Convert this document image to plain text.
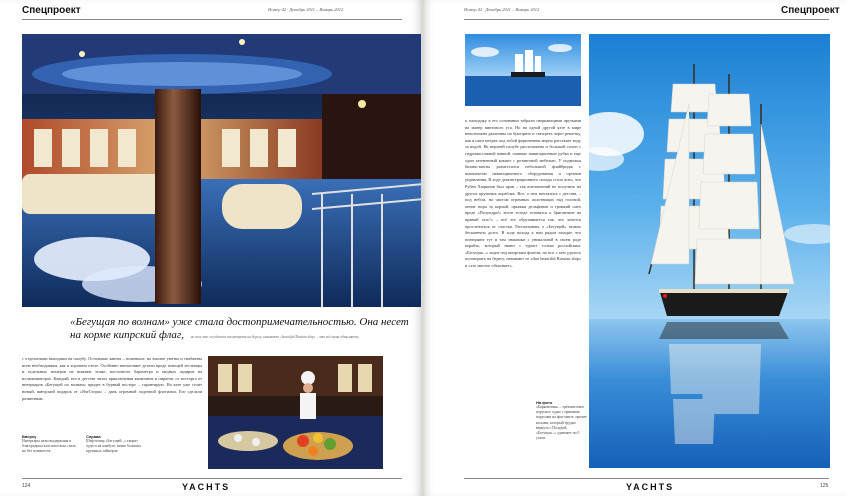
Спецпроект	Номер 42 · Декабрь 2011 – Январь 2012
«Бегущая по волнам» уже стала достопримечательностью. Она несет на корме кипрский флаг, но всех это ли удается посмотреть на берегу, называют «beautiful Russian ship» – что всё нами объясняют»
с отдельными выходами на палубу. Остальные каюты – поменьше, но вполне уютны и снабжены всем необходимым, как в хорошем отеле. Особенно впечатляют детали вроде поющей лестницы и отдельных номеров на нижнем этаже, восточного барометра и медных ладиров на иллюминаторах. Каждый, кто в детстве читал приключения капитанов и пиратов, от восторга от интерьеров «Бегущей по волнам» придет в бурный восторг – гарантирую. На яхте уже стоит новый, шведский подарок от «ЯхтСтори» – дань огромной лодочной флотилии. Его сделали разменным.
Вверху
Интерьеры яхты выдержаны в благородном классическом стиле, но без излишеств.
Справа
Шеф-повар «Бегущей...» творит чудеса на камбузе, меню больших круизных лайнеров.
124	YACHTS
Номер 42 · Декабрь 2011 – Январь 2012	Спецпроект
к площадку в его основании забрали сверкающими прутьями на манер винтового уса. Но на одной другой яхте в мире невозможно различны на бушприте и смотреть через решетку, как в пяти метрах под тобой форштевень мерно рассекает воду за водой. На верхней палубе расположена и большой салон с гидромассажной ванной, главные навигационные рубка и еще один затененный кокпит с ротанговой мебелью. У подножья бизань-мачты разместился небольшой флайбридж с комплектом навигационного оборудования и органов управления. В ходе демонстрационного похода стало ясно, что Рубен Хюринов был прав – так впечатлений не получить на других круизных кораблях. Все, о чем мечтались с детства, – под небом, на чистом огромных полотнищах над головой, пение воды за кормой, прыжки дельфинов и громкий смех вроде «Полундра!» возле тогоде готовятся к бригантине на правый галс!» – всё это обрушивается так, что хочется прослезиться от счастья. Рассказывать о «Бегущей» можно бесконечно долго. В ходе похода к нам рядом заходят, что повторяют тут и там знакомые с уникальной в своем роде корабль, который знают с турист только российским. «Бегущая...» ходит под кипрским флагом, но все, с кем удалось поговорить на берегу, называют ее «that beautiful Russian ship» и «это многое объясняет».
На фото
«Баркентина» – трёхмачтовое парусное судно с прямыми парусами на фок-мачте, прочие косыми, который трудно вернуть с Полудой, «Бегущая...» удивляет по 0 узлов.
YACHTS	125
